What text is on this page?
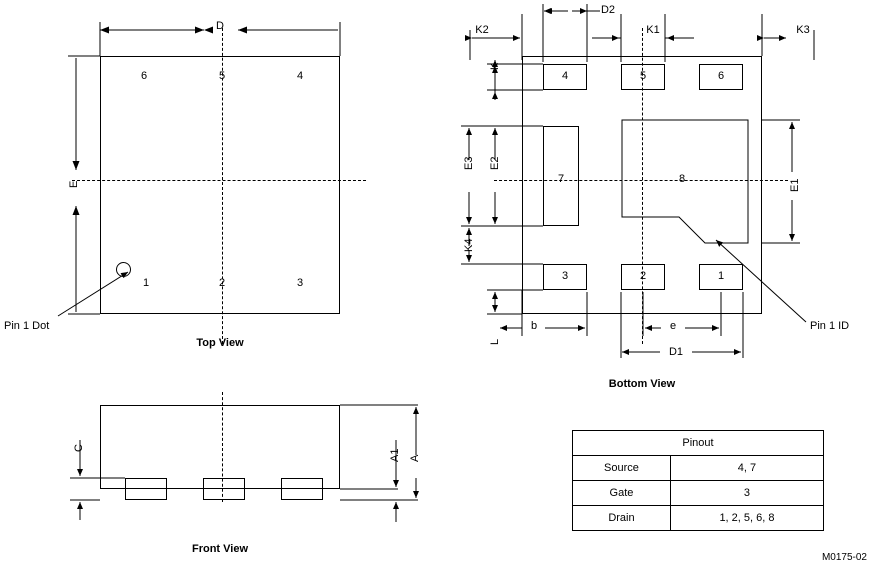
6	5	4
1	2	3
Pin 1 Dot
D
E
Top View
4	5	6
7	8
3	2	1
K2
D2
K1	K3
K
E3 E2
E1
K4
L
b	e
D1
Pin 1 ID
Bottom View
C
A1 A
Front View
Pinout	
Source	4, 7
Gate	3
Drain	1, 2, 5, 6, 8
M0175-02
